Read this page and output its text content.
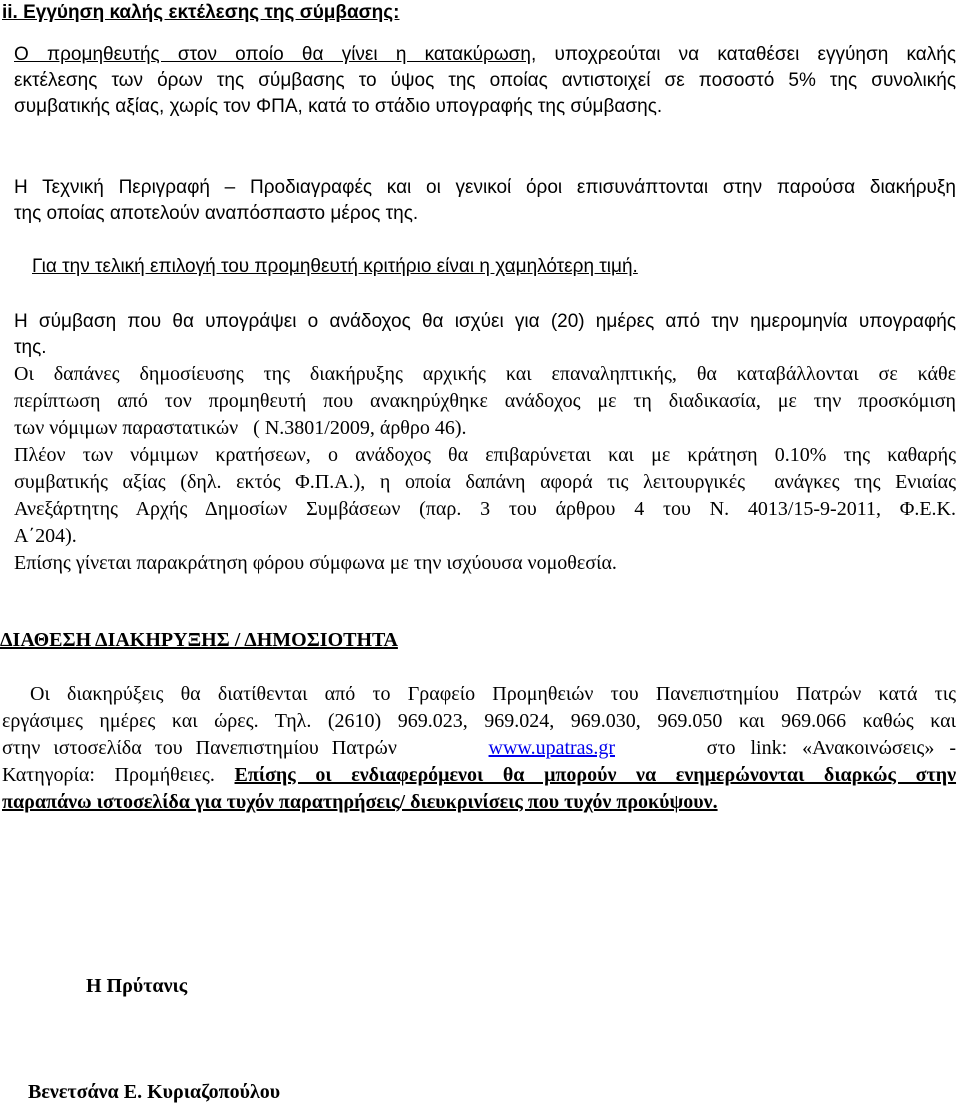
ii. Εγγύηση καλής εκτέλεσης της σύμβασης:
Ο προμηθευτής στον οποίο θα γίνει η κατακύρωση, υποχρεούται να καταθέσει εγγύηση καλής
εκτέλεσης των όρων της σύμβασης το ύψος της οποίας αντιστοιχεί σε ποσοστό 5% της συνολικής
συμβατικής αξίας, χωρίς τον ΦΠΑ, κατά το στάδιο υπογραφής της σύμβασης.
Η Τεχνική Περιγραφή – Προδιαγραφές και οι γενικοί όροι επισυνάπτονται στην παρούσα διακήρυξη
της οποίας αποτελούν αναπόσπαστο μέρος της.
Για την τελική επιλογή του προμηθευτή κριτήριο είναι η χαμηλότερη τιμή.
Η σύμβαση που θα υπογράψει ο ανάδοχος θα ισχύει για (20) ημέρες από την ημερομηνία υπογραφής
της.
Οι δαπάνες δημοσίευσης της διακήρυξης αρχικής και επαναληπτικής, θα καταβάλλονται σε κάθε
περίπτωση από τον προμηθευτή που ανακηρύχθηκε ανάδοχος με τη διαδικασία, με την προσκόμιση
των νόμιμων παραστατικών   ( Ν.3801/2009, άρθρο 46).
Πλέον των νόμιμων κρατήσεων, ο ανάδοχος θα επιβαρύνεται και με κράτηση 0.10% της καθαρής
συμβατικής αξίας (δηλ. εκτός Φ.Π.Α.), η οποία δαπάνη αφορά τις λειτουργικές  ανάγκες της Ενιαίας
Ανεξάρτητης Αρχής Δημοσίων Συμβάσεων (παρ. 3 του άρθρου 4 του Ν. 4013/15-9-2011, Φ.Ε.Κ.
Α΄204).
Επίσης γίνεται παρακράτηση φόρου σύμφωνα με την ισχύουσα νομοθεσία.
ΔΙΑΘΕΣΗ ΔΙΑΚΗΡΥΞΗΣ / ΔΗΜΟΣΙΟΤΗΤΑ
Οι διακηρύξεις θα διατίθενται από το Γραφείο Προμηθειών του Πανεπιστημίου Πατρών κατά τις
εργάσιμες ημέρες και ώρες. Τηλ. (2610) 969.023, 969.024, 969.030, 969.050 και 969.066 καθώς και
στην ιστοσελίδα του Πανεπιστημίου Πατρών	www.upatras.gr	στο link: «Ανακοινώσεις» -
Κατηγορία: Προμήθειες. Επίσης οι ενδιαφερόμενοι θα μπορούν να ενημερώνονται διαρκώς στην
παραπάνω ιστοσελίδα για τυχόν παρατηρήσεις/ διευκρινίσεις που τυχόν προκύψουν.
Η Πρύτανις
Βενετσάνα Ε. Κυριαζοπούλου
